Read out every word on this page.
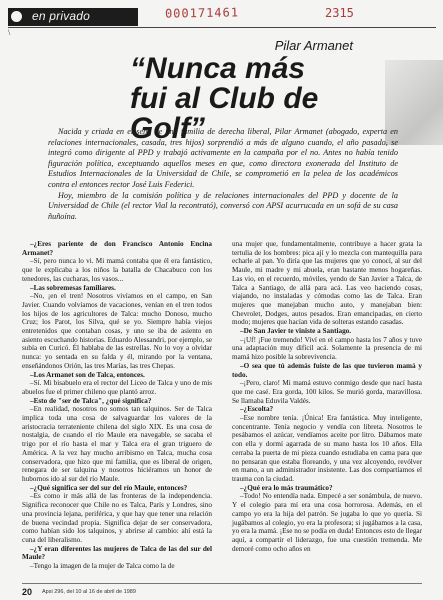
en privado	000171461	2315
\
Pilar Armanet
“Nunca más
fui al Club de Golf”

Nacida y criada en el seno de una familia de derecha liberal, Pilar Armanet (abogado, experta en relaciones internacionales, casada, tres hijos) sorprendió a más de alguno cuando, el año pasado, se integró como dirigente al PPD y trabajó activamente en la campaña por el no. Antes no había tenido figuración política, exceptuando aquellos meses en que, como directora exonerada del Instituto de Estudios Internacionales de la Universidad de Chile, se comprometió en la pelea de los académicos contra el entonces rector José Luis Federici.

Hoy, miembro de la comisión política y de relaciones internacionales del PPD y docente de la Universidad de Chile (el rector Vial la recontrató), conversó con APSI acurrucada en un sofá de su casa ñuñoína.

– ¿Eres pariente de don Francisco Antonio Encina Armanet?

–Sí, pero nunca lo vi. Mi mamá contaba que él era fantástico, que le explicaba a los niños la batalla de Chacabuco con los tenedores, las cucharas, los vasos...

– Las sobremesas familiares.

–No, ¡en el tren! Nosotros vivíamos en el campo, en San Javier. Cuando volvíamos de vacaciones, venían en el tren todos los hijos de los agricultores de Talca: mucho Donoso, mucho Cruz; los Parot, los Silva, qué se yo. Siempre había viejos entretenidos que contaban cosas, y uno se iba de asiento en asiento escuchando historias. Eduardo Alessandri, por ejemplo, se subía en Curicó. Él hablaba de las estrellas. No lo voy a olvidar nunca: yo sentada en su falda y él, mirando por la ventana, enseñándonos Orión, las tres Marías, las tres Chepas.

– Los Armanet son de Talca, entonces.

–Sí. Mi bisabuelo era el rector del Liceo de Talca y uno de mis abuelos fue el primer chileno que plantó arroz.

– Esto de "ser de Talca", ¿qué significa?

–En realidad, nosotros no somos tan talquinos. Ser de Talca implica toda una cosa de salvaguardar los valores de la aristocracia terrateniente chilena del siglo XIX. Es una cosa de nostalgia, de cuando el río Maule era navegable, se sacaba el trigo por el río hasta el mar y Talca era el gran triguero de América. A la vez hay mucho arribismo en Talca, mucha cosa conservadora, que hizo que mi familia, que es liberal de origen, renegara de ser talquina y nosotros hiciéramos un honor de hubornos ido al sur del río Maule.

– ¿Qué significa ser del sur del río Maule, entonces?

–Es como ir más allá de las fronteras de la independencia. Significa reconocer que Chile no es Talca, París y Londres, sino una provincia lejana, periférica, y que hay que tener una relación de buena vecindad propia. Significa dejar de ser conservadora, como habían sido los talquinos, y abrirse al cambio: ahí está la cuna del liberalismo.

– ¿Y eran diferentes las mujeres de Talca de las del sur del Maule?

–Tengo la imagen de la mujer de Talca como la de

una mujer que, fundamentalmente, contribuye a hacer grata la tertulia de los hombres: pica ají y lo mezcla con mantequilla para echarle al pan. Yo diría que las mujeres que yo conocí, al sur del Maule, mi madre y mi abuela, eran bastante menos hogareñas. Las vio, en el recuerdo, móviles, yendo de San Javier a Talca, de Talca a Santiago, de allá para acá. Las veo haciendo cosas, viajando, no instaladas y cómodas como las de Talca. Eran mujeres que manejaban mucho auto, y manejaban bien: Chevrolet, Dodges, autos pesados. Eran emancipadas, en cierto modo; mujeres que hacían vida de solteras estando casadas.

– De San Javier te viniste a Santiago.

–¡Uf! ¡Fue tremendo! Viví en el campo hasta los 7 años y tuve una adaptación muy difícil acá. Solamente la presencia de mi mamá hizo posible la sobrevivencia.

– O sea que tú además fuiste de las que tuvieron mamá y todo.

–¡Pero, claro! Mi mamá estuvo conmigo desde que nací hasta que me casé. Era gorda, 100 kilos. Se murió gorda, maravillosa. Se llamaba Eduvila Valdés.

– ¿Escolta?

–Ese nombre tenía. ¡Única! Era fantástica. Muy inteligente, concentrante. Tenía negocio y vendía con libreta. Nosotros le pesábamos el azúcar, vendíamos aceite por litro. Dábamos mate con ella y dormí agarrada de su mano hasta los 10 años. Ella cerraba la puerta de mi pieza cuando estudiaba en cama para que no pensaran que estaba floreando, y una vez alcoyendo, revólver en mano, a un administrador insistente. Las dos compartíamos el trauma con la ciudad.

– ¿Qué era lo más traumático?

–Todo! No entendía nada. Empecé a ser sonámbula, de nuevo. Y el colegio para mí era una cosa horrorosa. Además, en el campo yo era la hija del patrón. Se jugaba lo que yo quería. Si jugábamos al colegio, yo era la profesora; si jugábamos a la casa, yo era la mamá. ¡Ese no se podía en duda! Entonces esto de llegar aquí, a compartir el liderazgo, fue una cuestión tremenda. Me demoré como ocho años en

20 Apsi 296, del 10 al 16 de abril de 1989
